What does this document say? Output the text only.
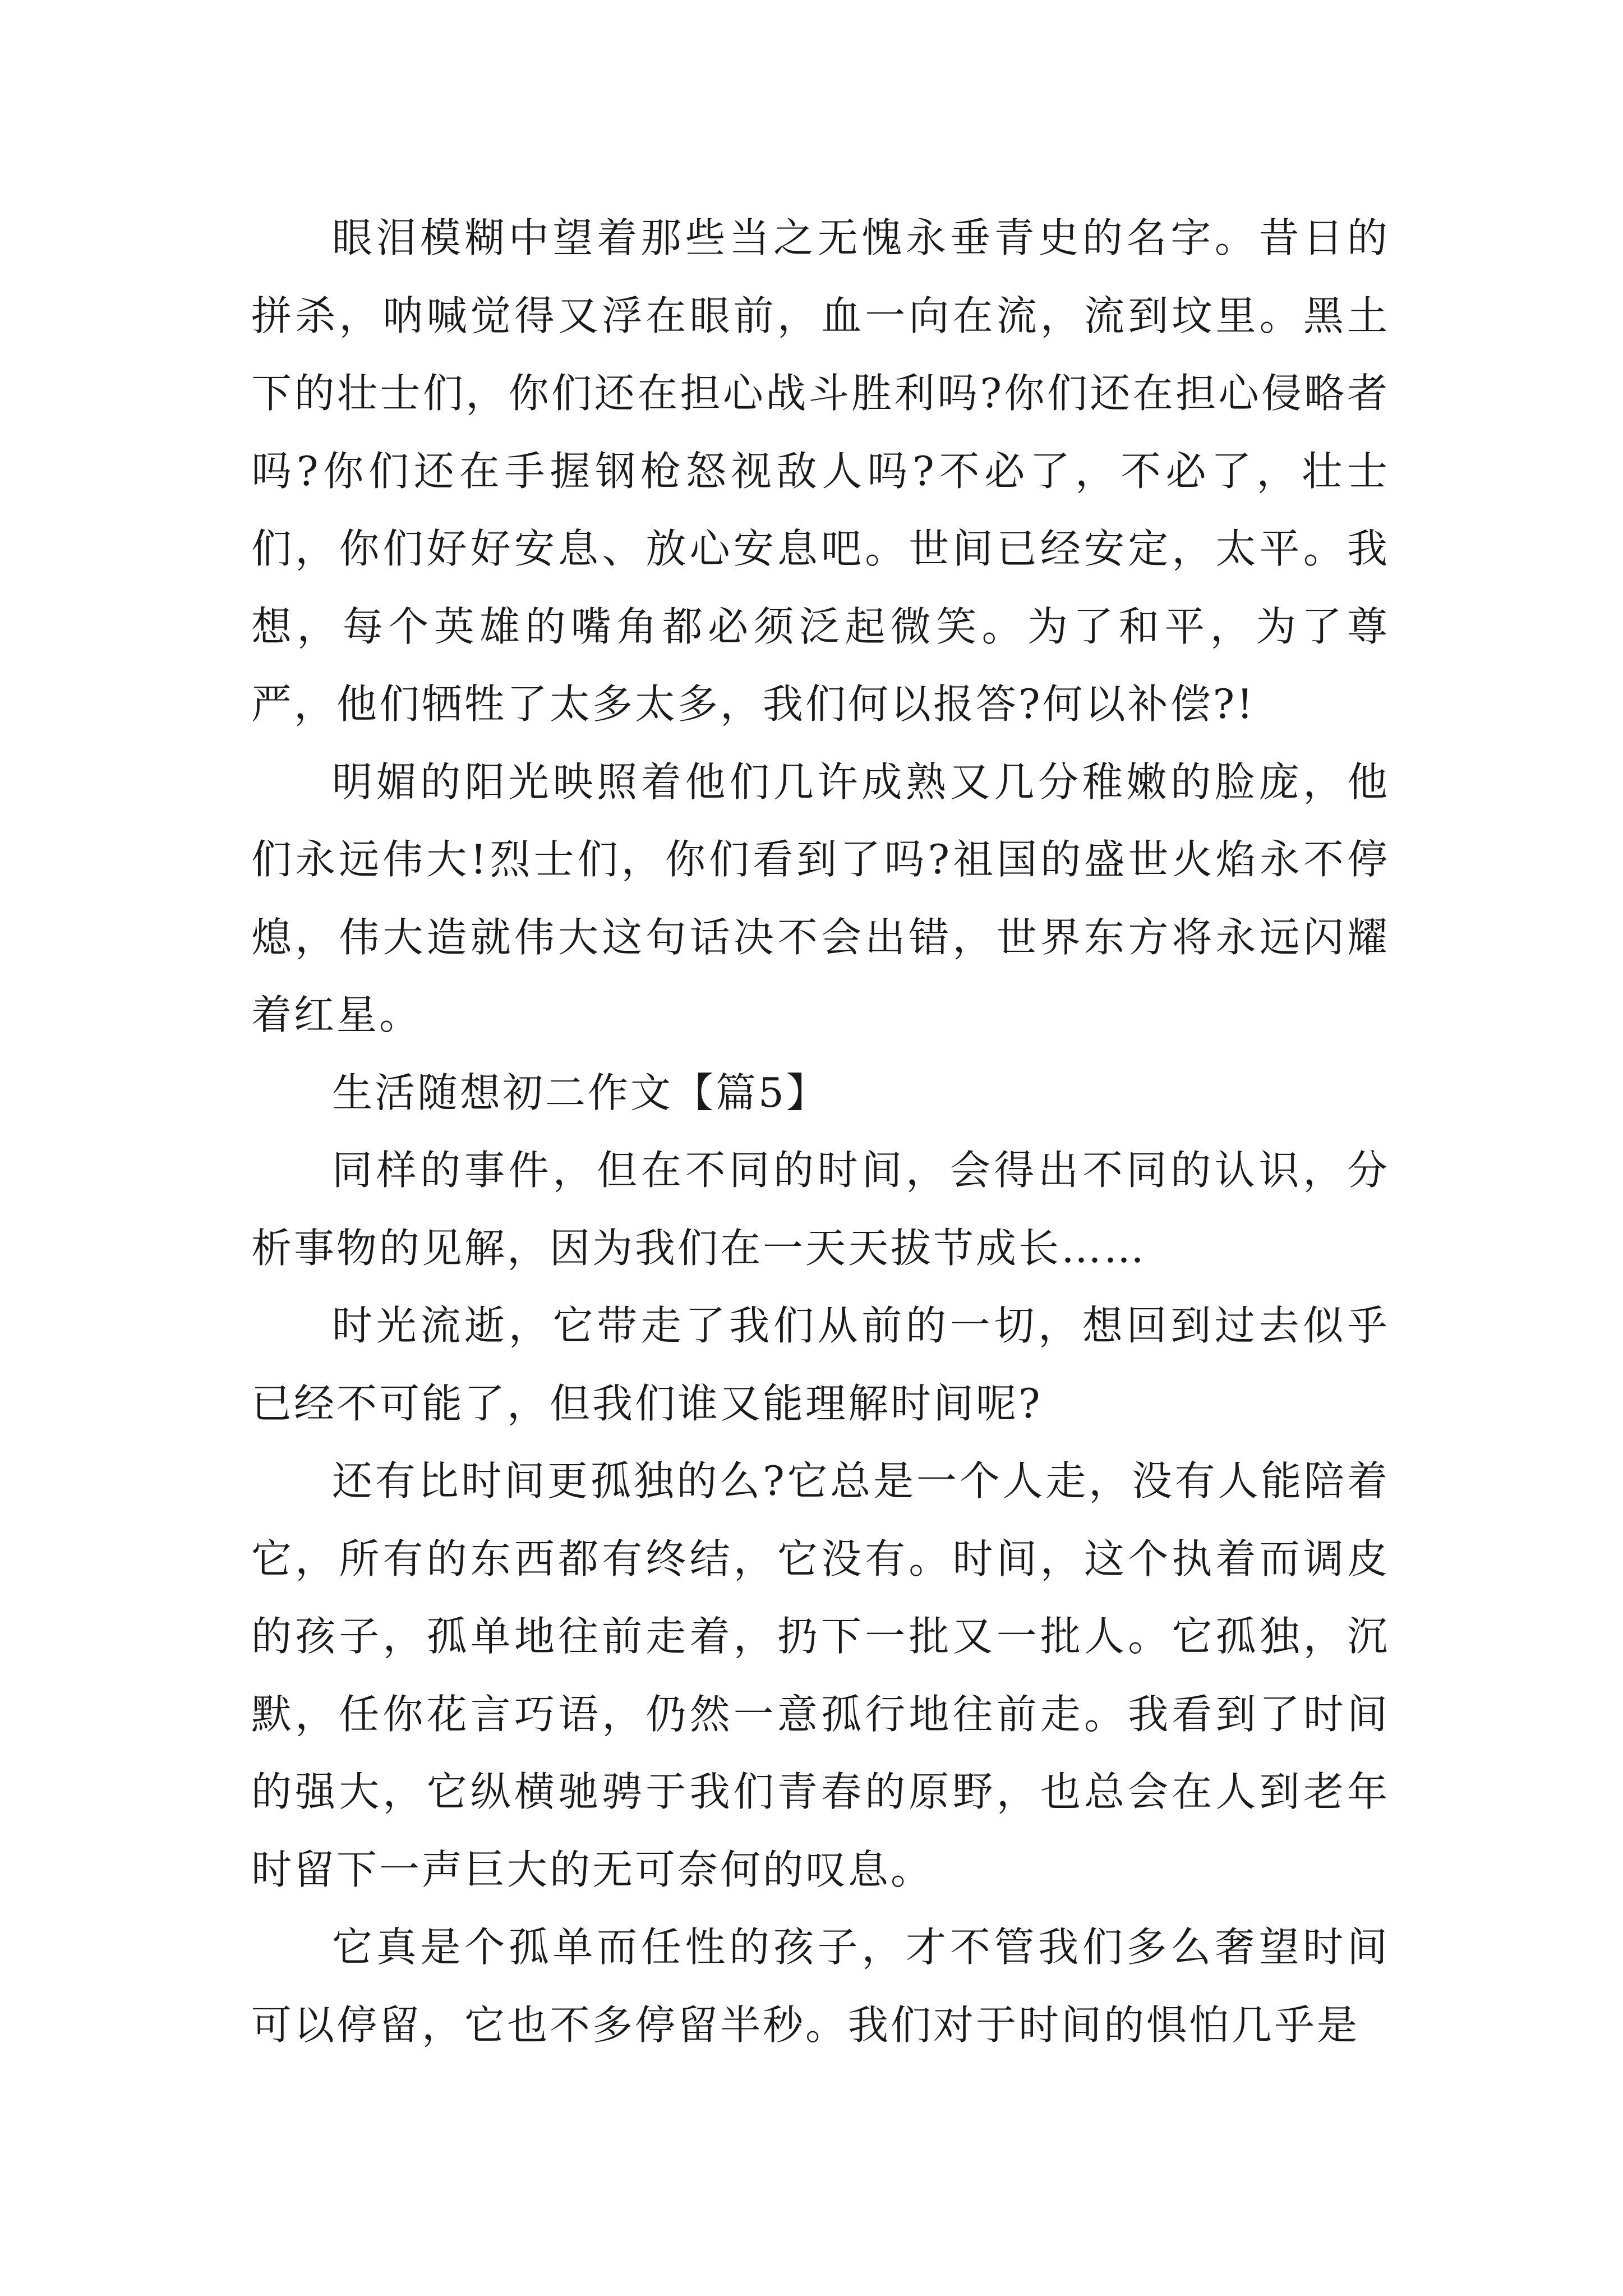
眼泪模糊中望着那些当之无愧永垂青史的名字。昔日的拼杀，呐喊觉得又浮在眼前，血一向在流，流到坟里。黑土下的壮士们，你们还在担心战斗胜利吗?你们还在担心侵略者吗?你们还在手握钢枪怒视敌人吗?不必了，不必了，壮士们，你们好好安息、放心安息吧。世间已经安定，太平。我想，每个英雄的嘴角都必须泛起微笑。为了和平，为了尊严，他们牺牲了太多太多，我们何以报答?何以补偿?!

明媚的阳光映照着他们几许成熟又几分稚嫩的脸庞，他们永远伟大!烈士们，你们看到了吗?祖国的盛世火焰永不停熄，伟大造就伟大这句话决不会出错，世界东方将永远闪耀着红星。

生活随想初二作文【篇5】

同样的事件，但在不同的时间，会得出不同的认识，分析事物的见解，因为我们在一天天拔节成长……

时光流逝，它带走了我们从前的一切，想回到过去似乎已经不可能了，但我们谁又能理解时间呢?

还有比时间更孤独的么?它总是一个人走，没有人能陪着它，所有的东西都有终结，它没有。时间，这个执着而调皮的孩子，孤单地往前走着，扔下一批又一批人。它孤独，沉默，任你花言巧语，仍然一意孤行地往前走。我看到了时间的强大，它纵横驰骋于我们青春的原野，也总会在人到老年时留下一声巨大的无可奈何的叹息。

它真是个孤单而任性的孩子，才不管我们多么奢望时间可以停留，它也不多停留半秒。我们对于时间的惧怕几乎是
